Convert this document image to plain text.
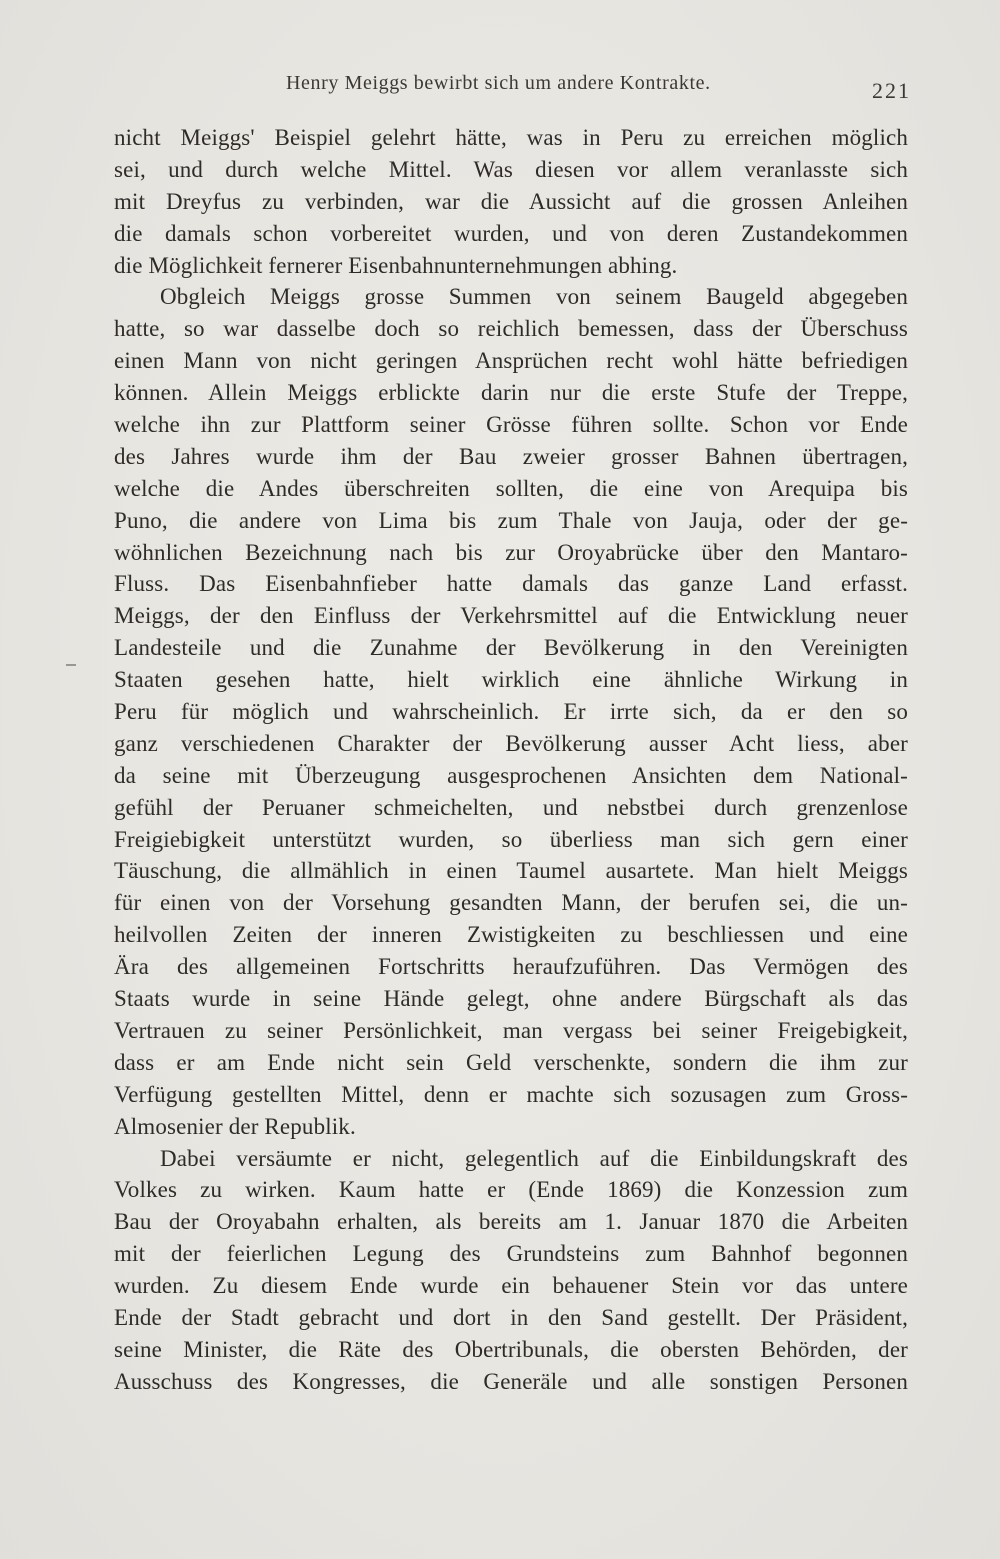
Henry Meiggs bewirbt sich um andere Kontrakte.	221
nicht Meiggs' Beispiel gelehrt hätte, was in Peru zu erreichen möglich
sei, und durch welche Mittel. Was diesen vor allem veranlasste sich
mit Dreyfus zu verbinden, war die Aussicht auf die grossen Anleihen
die damals schon vorbereitet wurden, und von deren Zustandekommen
die Möglichkeit fernerer Eisenbahnunternehmungen abhing.
Obgleich Meiggs grosse Summen von seinem Baugeld abgegeben
hatte, so war dasselbe doch so reichlich bemessen, dass der Überschuss
einen Mann von nicht geringen Ansprüchen recht wohl hätte befriedigen
können. Allein Meiggs erblickte darin nur die erste Stufe der Treppe,
welche ihn zur Plattform seiner Grösse führen sollte. Schon vor Ende
des Jahres wurde ihm der Bau zweier grosser Bahnen übertragen,
welche die Andes überschreiten sollten, die eine von Arequipa bis
Puno, die andere von Lima bis zum Thale von Jauja, oder der ge-
wöhnlichen Bezeichnung nach bis zur Oroyabrücke über den Mantaro-
Fluss. Das Eisenbahnfieber hatte damals das ganze Land erfasst.
Meiggs, der den Einfluss der Verkehrsmittel auf die Entwicklung neuer
Landesteile und die Zunahme der Bevölkerung in den Vereinigten
Staaten gesehen hatte, hielt wirklich eine ähnliche Wirkung in
Peru für möglich und wahrscheinlich. Er irrte sich, da er den so
ganz verschiedenen Charakter der Bevölkerung ausser Acht liess, aber
da seine mit Überzeugung ausgesprochenen Ansichten dem National-
gefühl der Peruaner schmeichelten, und nebstbei durch grenzenlose
Freigiebigkeit unterstützt wurden, so überliess man sich gern einer
Täuschung, die allmählich in einen Taumel ausartete. Man hielt Meiggs
für einen von der Vorsehung gesandten Mann, der berufen sei, die un-
heilvollen Zeiten der inneren Zwistigkeiten zu beschliessen und eine
Ära des allgemeinen Fortschritts heraufzuführen. Das Vermögen des
Staats wurde in seine Hände gelegt, ohne andere Bürgschaft als das
Vertrauen zu seiner Persönlichkeit, man vergass bei seiner Freigebigkeit,
dass er am Ende nicht sein Geld verschenkte, sondern die ihm zur
Verfügung gestellten Mittel, denn er machte sich sozusagen zum Gross-
Almosenier der Republik.
Dabei versäumte er nicht, gelegentlich auf die Einbildungskraft des
Volkes zu wirken. Kaum hatte er (Ende 1869) die Konzession zum
Bau der Oroyabahn erhalten, als bereits am 1. Januar 1870 die Arbeiten
mit der feierlichen Legung des Grundsteins zum Bahnhof begonnen
wurden. Zu diesem Ende wurde ein behauener Stein vor das untere
Ende der Stadt gebracht und dort in den Sand gestellt. Der Präsident,
seine Minister, die Räte des Obertribunals, die obersten Behörden, der
Ausschuss des Kongresses, die Generäle und alle sonstigen Personen
